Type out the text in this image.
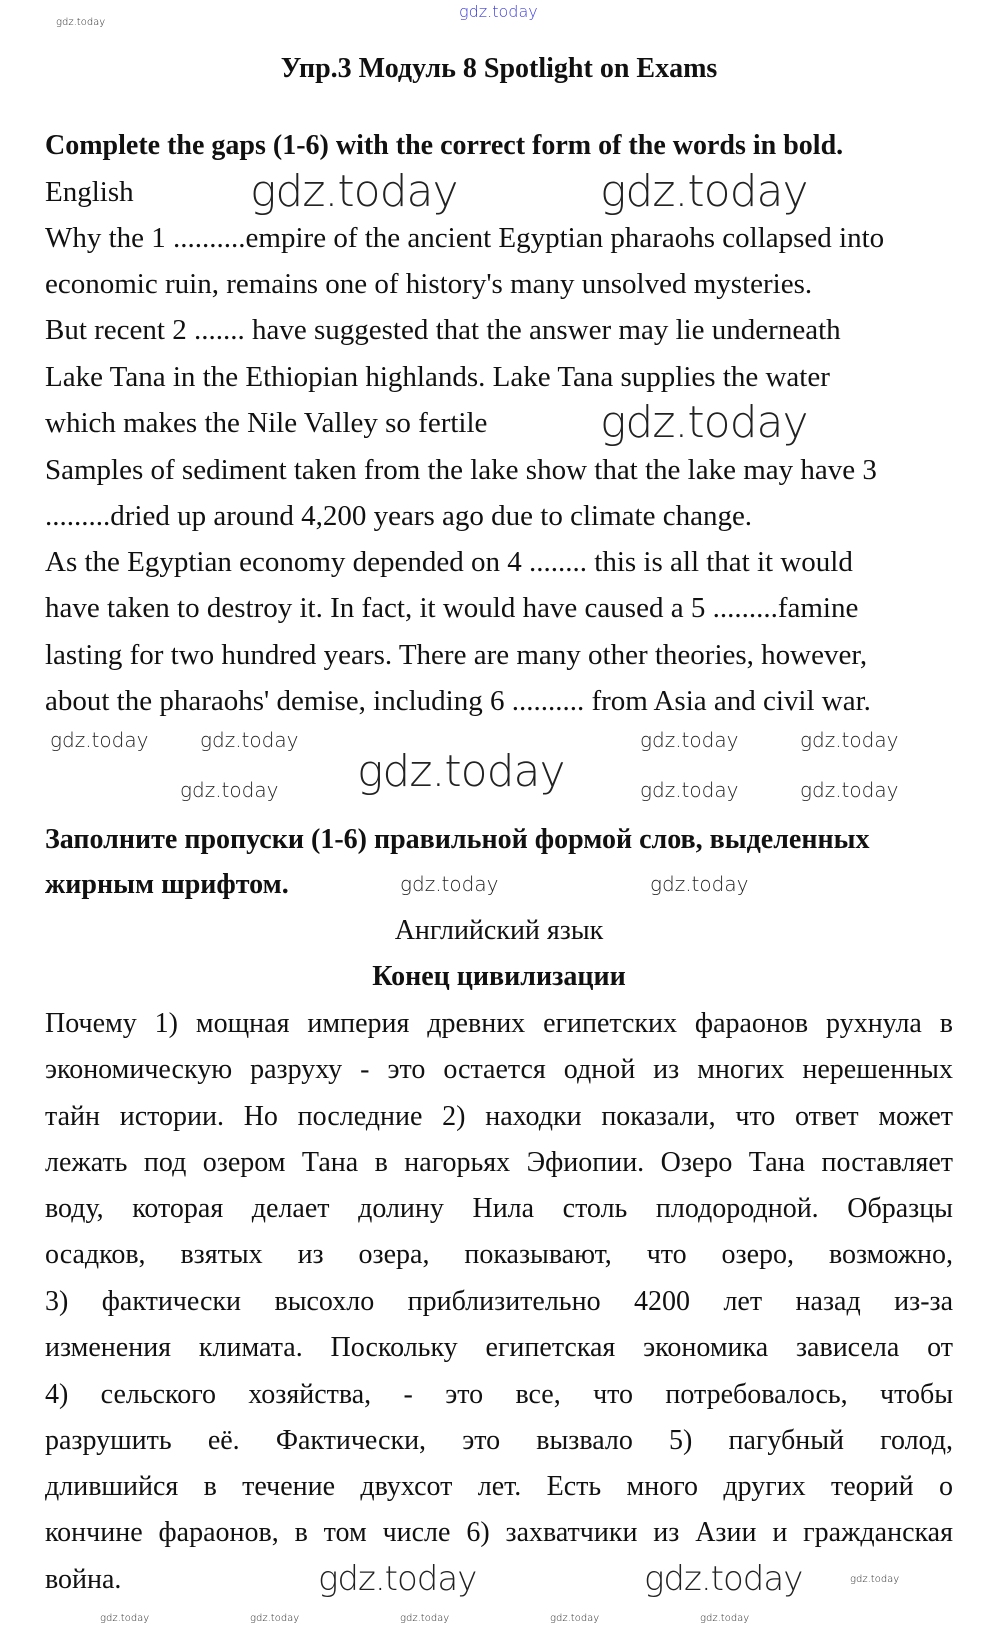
Упр.3 Модуль 8 Spotlight on Exams
Complete the gaps (1-6) with the correct form of the words in bold.
English
Why the 1 ..........empire of the ancient Egyptian pharaohs collapsed into
economic ruin, remains one of history's many unsolved mysteries.
But recent 2 ....... have suggested that the answer may lie underneath
Lake Tana in the Ethiopian highlands. Lake Tana supplies the water
which makes the Nile Valley so fertile
Samples of sediment taken from the lake show that the lake may have 3
.........dried up around 4,200 years ago due to climate change.
As the Egyptian economy depended on 4 ........ this is all that it would
have taken to destroy it. In fact, it would have caused a 5 .........famine
lasting for two hundred years. There are many other theories, however,
about the pharaohs' demise, including 6 .......... from Asia and civil war.
Заполните пропуски (1-6) правильной формой слов, выделенных
жирным шрифтом.
Английский язык
Конец цивилизации
Почему 1) мощная империя древних египетских фараонов рухнула в
экономическую разруху - это остается одной из многих нерешенных
тайн истории. Но последние 2) находки показали, что ответ может
лежать под озером Тана в нагорьях Эфиопии. Озеро Тана поставляет
воду, которая делает долину Нила столь плодородной. Образцы
осадков, взятых из озера, показывают, что озеро, возможно,
3) фактически высохло приблизительно 4200 лет назад из-за
изменения климата. Поскольку египетская экономика зависела от
4) сельского хозяйства, - это все, что потребовалось, чтобы
разрушить её. Фактически, это вызвало 5) пагубный голод,
длившийся в течение двухсот лет. Есть много других теорий о
кончине фараонов, в том числе 6) захватчики из Азии и гражданская
война.
gdz.today
gdz.today	gdz.today
gdz.today
gdz.today
gdz.today	gdz.today
gdz.today	gdz.today	gdz.today	gdz.today
gdz.today	gdz.today	gdz.today
gdz.today	gdz.today
gdz.today
gdz.today	gdz.today	gdz.today	gdz.today	gdz.today
gdz.today
